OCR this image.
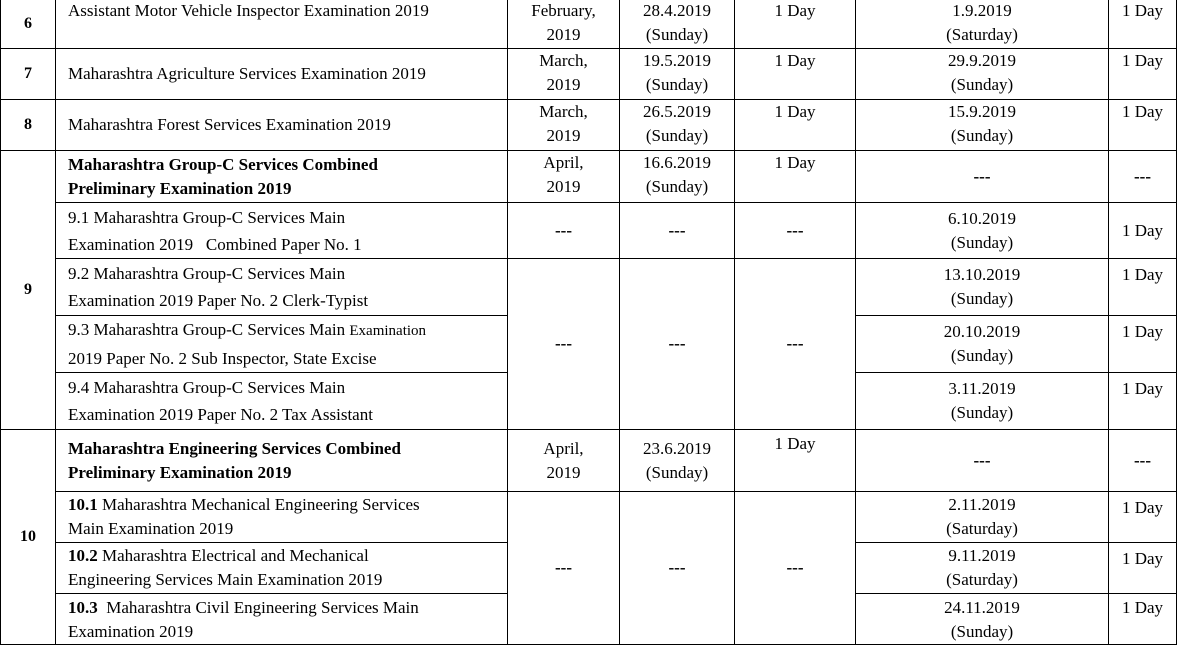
6	Assistant Motor Vehicle Inspector Examination 2019	February,
2019	28.4.2019
(Sunday)	1 Day	1.9.2019
(Saturday)	1 Day
7	Maharashtra Agriculture Services Examination 2019	March,
2019	19.5.2019
(Sunday)	1 Day	29.9.2019
(Sunday)	1 Day
8	Maharashtra Forest Services Examination 2019	March,
2019	26.5.2019
(Sunday)	1 Day	15.9.2019
(Sunday)	1 Day
9	Maharashtra Group-C Services Combined
Preliminary Examination 2019	April,
2019	16.6.2019
(Sunday)	1 Day	---	---

	9.1 Maharashtra Group-C Services Main
Examination 2019   Combined Paper No. 1	---	---	---	6.10.2019
(Sunday)	1 Day

	9.2 Maharashtra Group-C Services Main
Examination 2019 Paper No. 2 Clerk-Typist	---	---	---	13.10.2019
(Sunday)	1 Day

	9.3 Maharashtra Group-C Services Main Examination
2019 Paper No. 2 Sub Inspector, State Excise				20.10.2019
(Sunday)	1 Day

	9.4 Maharashtra Group-C Services Main
Examination 2019 Paper No. 2 Tax Assistant				3.11.2019
(Sunday)	1 Day
10	Maharashtra Engineering Services Combined
Preliminary Examination 2019	April,
2019	23.6.2019
(Sunday)	1 Day	---	---

	10.1 Maharashtra Mechanical Engineering Services
Main Examination 2019	---	---	---	2.11.2019
(Saturday)	1 Day

	10.2 Maharashtra Electrical and Mechanical
Engineering Services Main Examination 2019				9.11.2019
(Saturday)	1 Day

	10.3  Maharashtra Civil Engineering Services Main
Examination 2019				24.11.2019
(Sunday)	1 Day
